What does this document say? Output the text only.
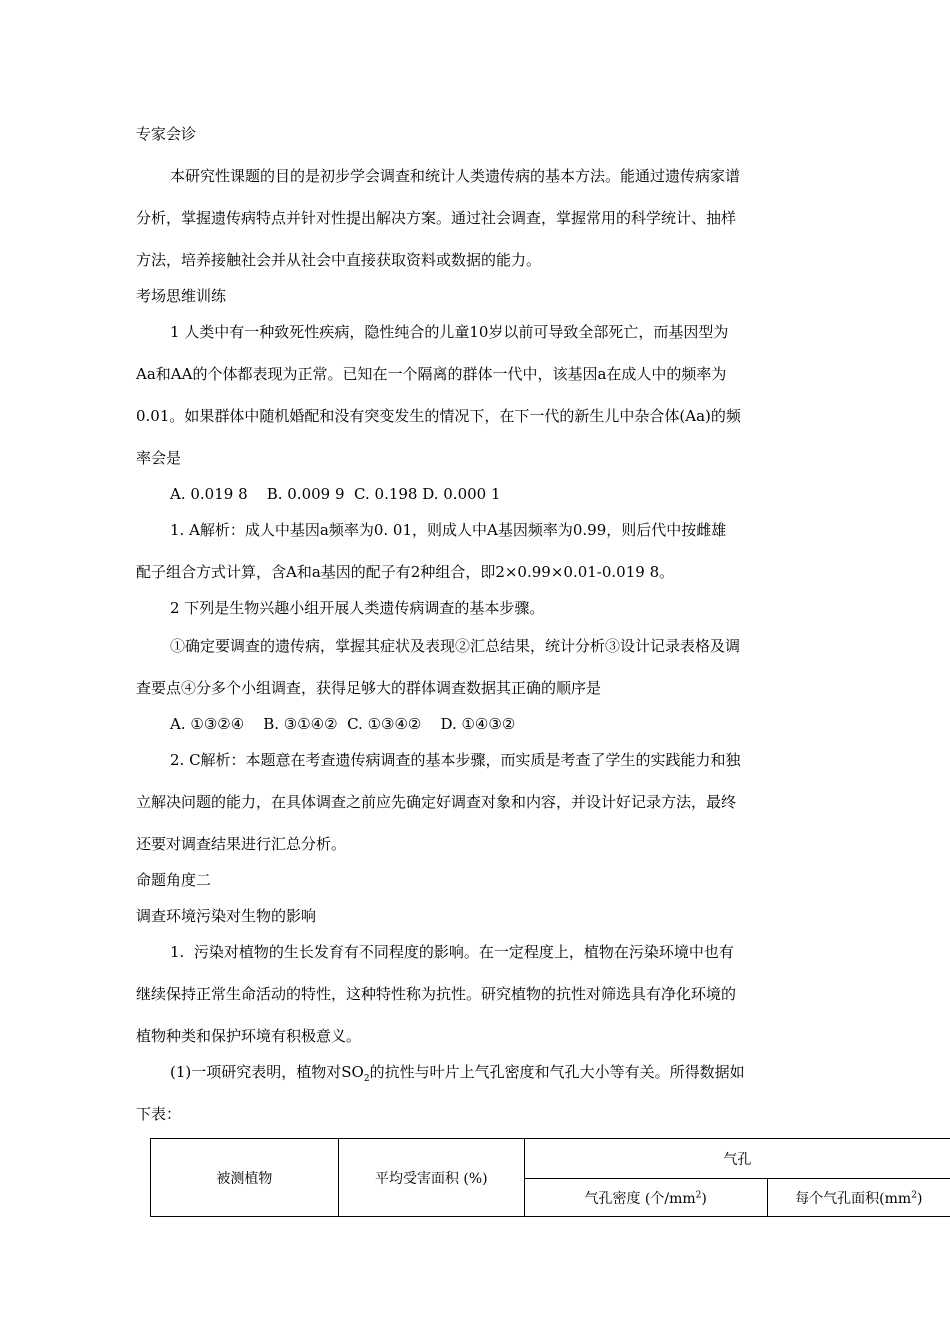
专家会诊
本研究性课题的目的是初步学会调查和统计人类遗传病的基本方法。能通过遗传病家谱
分析，掌握遗传病特点并针对性提出解决方案。通过社会调查，掌握常用的科学统计、抽样
方法，培养接触社会并从社会中直接获取资料或数据的能力。
考场思维训练
1 人类中有一种致死性疾病，隐性纯合的儿童10岁以前可导致全部死亡，而基因型为
Aa和AA的个体都表现为正常。已知在一个隔离的群体一代中，该基因a在成人中的频率为
0.01。如果群体中随机婚配和没有突变发生的情况下，在下一代的新生儿中杂合体(Aa)的频
率会是
A. 0.019 8    B. 0.009 9  C. 0.198 D. 0.000 1
1. A解析：成人中基因a频率为0. 01，则成人中A基因频率为0.99，则后代中按雌雄
配子组合方式计算，含A和a基因的配子有2种组合，即2×0.99×0.01-0.019 8。
2 下列是生物兴趣小组开展人类遗传病调查的基本步骤。
①确定要调查的遗传病，掌握其症状及表现②汇总结果，统计分析③设计记录表格及调
查要点④分多个小组调查，获得足够大的群体调查数据其正确的顺序是
A. ①③②④    B. ③①④②  C. ①③④②    D. ①④③②
2. C解析：本题意在考查遗传病调查的基本步骤，而实质是考查了学生的实践能力和独
立解决问题的能力，在具体调查之前应先确定好调查对象和内容，并设计好记录方法，最终
还要对调查结果进行汇总分析。
命题角度二
调查环境污染对生物的影响
1.  污染对植物的生长发育有不同程度的影响。在一定程度上，植物在污染环境中也有
继续保持正常生命活动的特性，这种特性称为抗性。研究植物的抗性对筛选具有净化环境的
植物种类和保护环境有积极意义。
(1)一项研究表明，植物对$SO_2$的抗性与叶片上气孔密度和气孔大小等有关。所得数据如
下表：
被测植物	平均受害面积 (%)	气孔	
		气孔密度 (个$/mm^2$)	每个气孔面积$(mm^2)$
